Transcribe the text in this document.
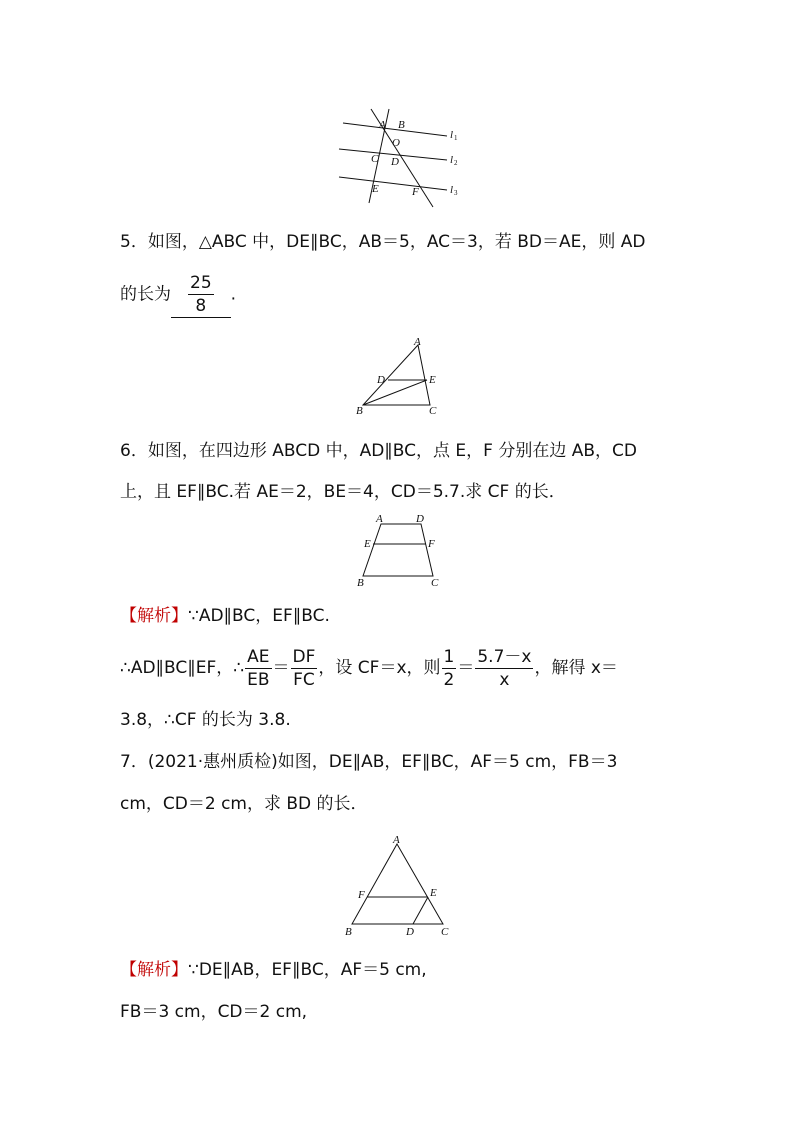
A B
O
C D
E	F
l 1
l 2
l 3
5．如图，△ABC 中，DE∥BC，AB＝5，AC＝3，若 BD＝AE，则 AD
的长为 $\frac{25}{8}$ .
A
B	C
D	E
6．如图，在四边形 ABCD 中，AD∥BC，点 E，F 分别在边 AB，CD
上，且 EF∥BC.若 AE＝2，BE＝4，CD＝5.7.求 CF 的长．
A	D
E	F
B	C
【解析】∵AD∥BC，EF∥BC.
∴AD∥BC∥EF，∴ $\frac{AE}{EB} = \frac{DF}{FC}$ ，设 CF＝x，则 $\frac{1}{2} = \frac{5.7-x}{x}$ ，解得 x＝
3.8，∴CF 的长为 3.8.
7．(2021·惠州质检)如图，DE∥AB，EF∥BC，AF＝5 cm，FB＝3
cm，CD＝2 cm，求 BD 的长．
A
F	E
B	D C
【解析】∵DE∥AB，EF∥BC，AF＝5 cm,
FB＝3 cm，CD＝2 cm,
